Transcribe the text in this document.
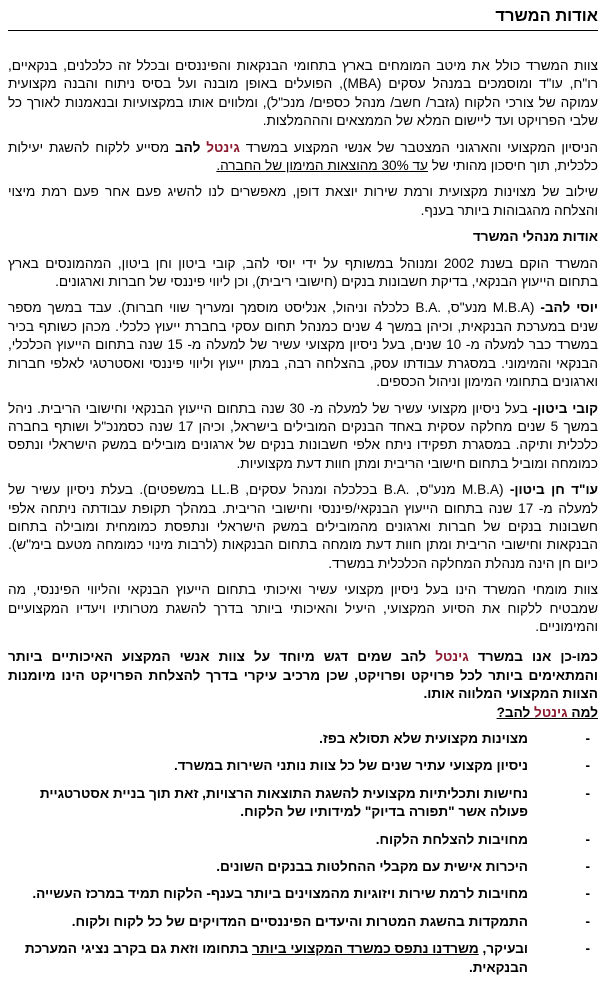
אודות המשרד

צוות המשרד כולל את מיטב המומחים בארץ בתחומי הבנקאות והפיננסים ובכלל זה כלכלנים, בנקאיים, רו"ח, עו"ד ומוסמכים במנהל עסקים (MBA), הפועלים באופן מובנה ועל בסיס ניתוח והבנה מקצועית עמוקה של צורכי הלקוח (גזבר/ חשב/ מנהל כספים/ מנכ"ל), ומלווים אותו במקצועיות ובנאמנות לאורך כל שלבי הפרויקט ועד ליישום המלא של הממצאים והההמלצות.

הניסיון המקצועי והארגוני המצטבר של אנשי המקצוע במשרד גינטל להב מסייע ללקוח להשגת יעילות כלכלית, תוך חיסכון מהותי של עד 30% מהוצאות המימון של החברה.

שילוב של מצוינות מקצועית ורמת שירות יוצאת דופן, מאפשרים לנו להשיג פעם אחר פעם רמת מיצוי והצלחה מהגבוהות ביותר בענף.

אודות מנהלי המשרד

המשרד הוקם בשנת 2002 ומנוהל במשותף על ידי יוסי להב, קובי ביטון וחן ביטון, המהמונסים בארץ בתחום הייעוץ הבנקאי, בדיקת חשבונות בנקים (חישובי ריבית), וכן ליווי פיננסי של חברות וארגונים.

יוסי להב- (M.B.A מנע"ס, .B.A כלכלה וניהול, אנליסט מוסמך ומעריך שווי חברות). עבד במשך מספר שנים במערכת הבנקאית, וכיהן במשך 4 שנים כמנהל תחום עסקי בחברת ייעוץ כלכלי. מכהן כשותף בכיר במשרד כבר למעלה מ- 10 שנים, בעל ניסיון מקצועי עשיר של למעלה מ- 15 שנה בתחום הייעוץ הכלכלי, הבנקאי והמימוני. במסגרת עבודתו עסק, בהצלחה רבה, במתן ייעוץ וליווי פיננסי ואסטרטגי לאלפי חברות וארגונים בתחומי המימון וניהול הכספים.

קובי ביטון- בעל ניסיון מקצועי עשיר של למעלה מ- 30 שנה בתחום הייעוץ הבנקאי וחישובי הריבית. ניהל במשך 5 שנים מחלקה עסקית באחד הבנקים המובילים בישראל, וכיהן 17 שנה כסמנכ"ל ושותף בחברה כלכלית ותיקה. במסגרת תפקידו ניתח אלפי חשבונות בנקים של ארגונים מובילים במשק הישראלי ונתפס כמומחה ומוביל בתחום חישובי הריבית ומתן חוות דעת מקצועיות.

עו"ד חן ביטון- (M.B.A מנע"ס, .B.A בכלכלה ומנהל עסקים, LL.B במשפטים). בעלת ניסיון עשיר של למעלה מ- 17 שנה בתחום הייעוץ הבנקאי/פיננסי וחישובי הריבית. במהלך תקופת עבודתה ניתחה אלפי חשבונות בנקים של חברות וארגונים מהמובילים במשק הישראלי ונתפסת כמומחית ומובילה בתחום הבנקאות וחישובי הריבית ומתן חוות דעת מומחה בתחום הבנקאות (לרבות מינוי כמומחה מטעם בימ"ש). כיום חן הינה מנהלת המחלקה הכלכלית במשרד.

צוות מומחי המשרד הינו בעל ניסיון מקצועי עשיר ואיכותי בתחום הייעוץ הבנקאי והליווי הפיננסי, מה שמבטיח ללקוח את הסיוע המקצועי, היעיל והאיכותי ביותר בדרך להשגת מטרותיו ויעדיו המקצועיים והמימוניים.

כמו-כן אנו במשרד גינטל להב שמים דגש מיוחד על צוות אנשי המקצוע האיכותיים ביותר והמתאימים ביותר לכל פרויקט ופרויקט, שכן מרכיב עיקרי בדרך להצלחת הפרויקט הינו מיומנות הצוות המקצועי המלווה אותו.

למה גינטל להב?

- מצוינות מקצועית שלא תסולא בפז.
- ניסיון מקצועי עתיר שנים של כל צוות נותני השירות במשרד.
- נחישות ותכליתיות מקצועית להשגת התוצאות הרצויות, זאת תוך בניית אסטרטגיית פעולה אשר "תפורה בדיוק" למידותיו של הלקוח.
- מחויבות להצלחת הלקוח.
- היכרות אישית עם מקבלי ההחלטות בבנקים השונים.
- מחויבות לרמת שירות ויזוגיות מהמצוינים ביותר בענף- הלקוח תמיד במרכז העשייה.
- התמקדות בהשגת המטרות והיעדים הפיננסיים המדויקים של כל לקוח ולקוח.
- ובעיקר, משרדנו נתפס כמשרד המקצועי ביותר בתחומו וזאת גם בקרב נציגי המערכת הבנקאית.
